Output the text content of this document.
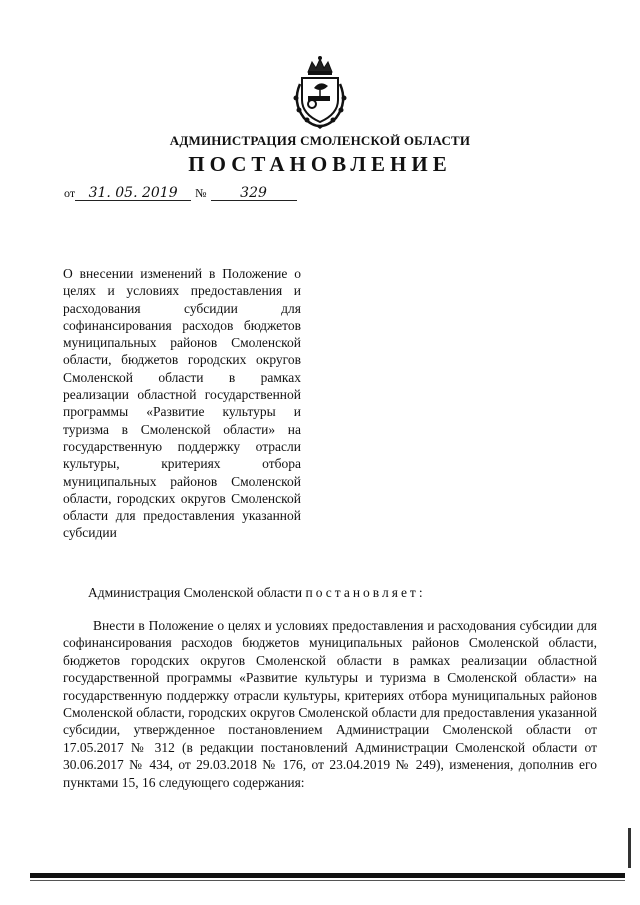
АДМИНИСТРАЦИЯ СМОЛЕНСКОЙ ОБЛАСТИ
ПОСТАНОВЛЕНИЕ
от 31. 05. 2019 № 329
О внесении изменений в Положение о целях и условиях предоставления и расходования субсидии для софинансирования расходов бюджетов муниципальных районов Смоленской области, бюджетов городских округов Смоленской области в рамках реализации областной государственной программы «Развитие культуры и туризма в Смоленской области» на государственную поддержку отрасли культуры, критериях отбора муниципальных районов Смоленской области, городских округов Смоленской области для предоставления указанной субсидии
Администрация Смоленской области постановляет:
Внести в Положение о целях и условиях предоставления и расходования субсидии для софинансирования расходов бюджетов муниципальных районов Смоленской области, бюджетов городских округов Смоленской области в рамках реализации областной государственной программы «Развитие культуры и туризма в Смоленской области» на государственную поддержку отрасли культуры, критериях отбора муниципальных районов Смоленской области, городских округов Смоленской области для предоставления указанной субсидии, утвержденное постановлением Администрации Смоленской области от 17.05.2017 № 312 (в редакции постановлений Администрации Смоленской области от 30.06.2017 № 434, от 29.03.2018 № 176, от 23.04.2019 № 249), изменения, дополнив его пунктами 15, 16 следующего содержания:
